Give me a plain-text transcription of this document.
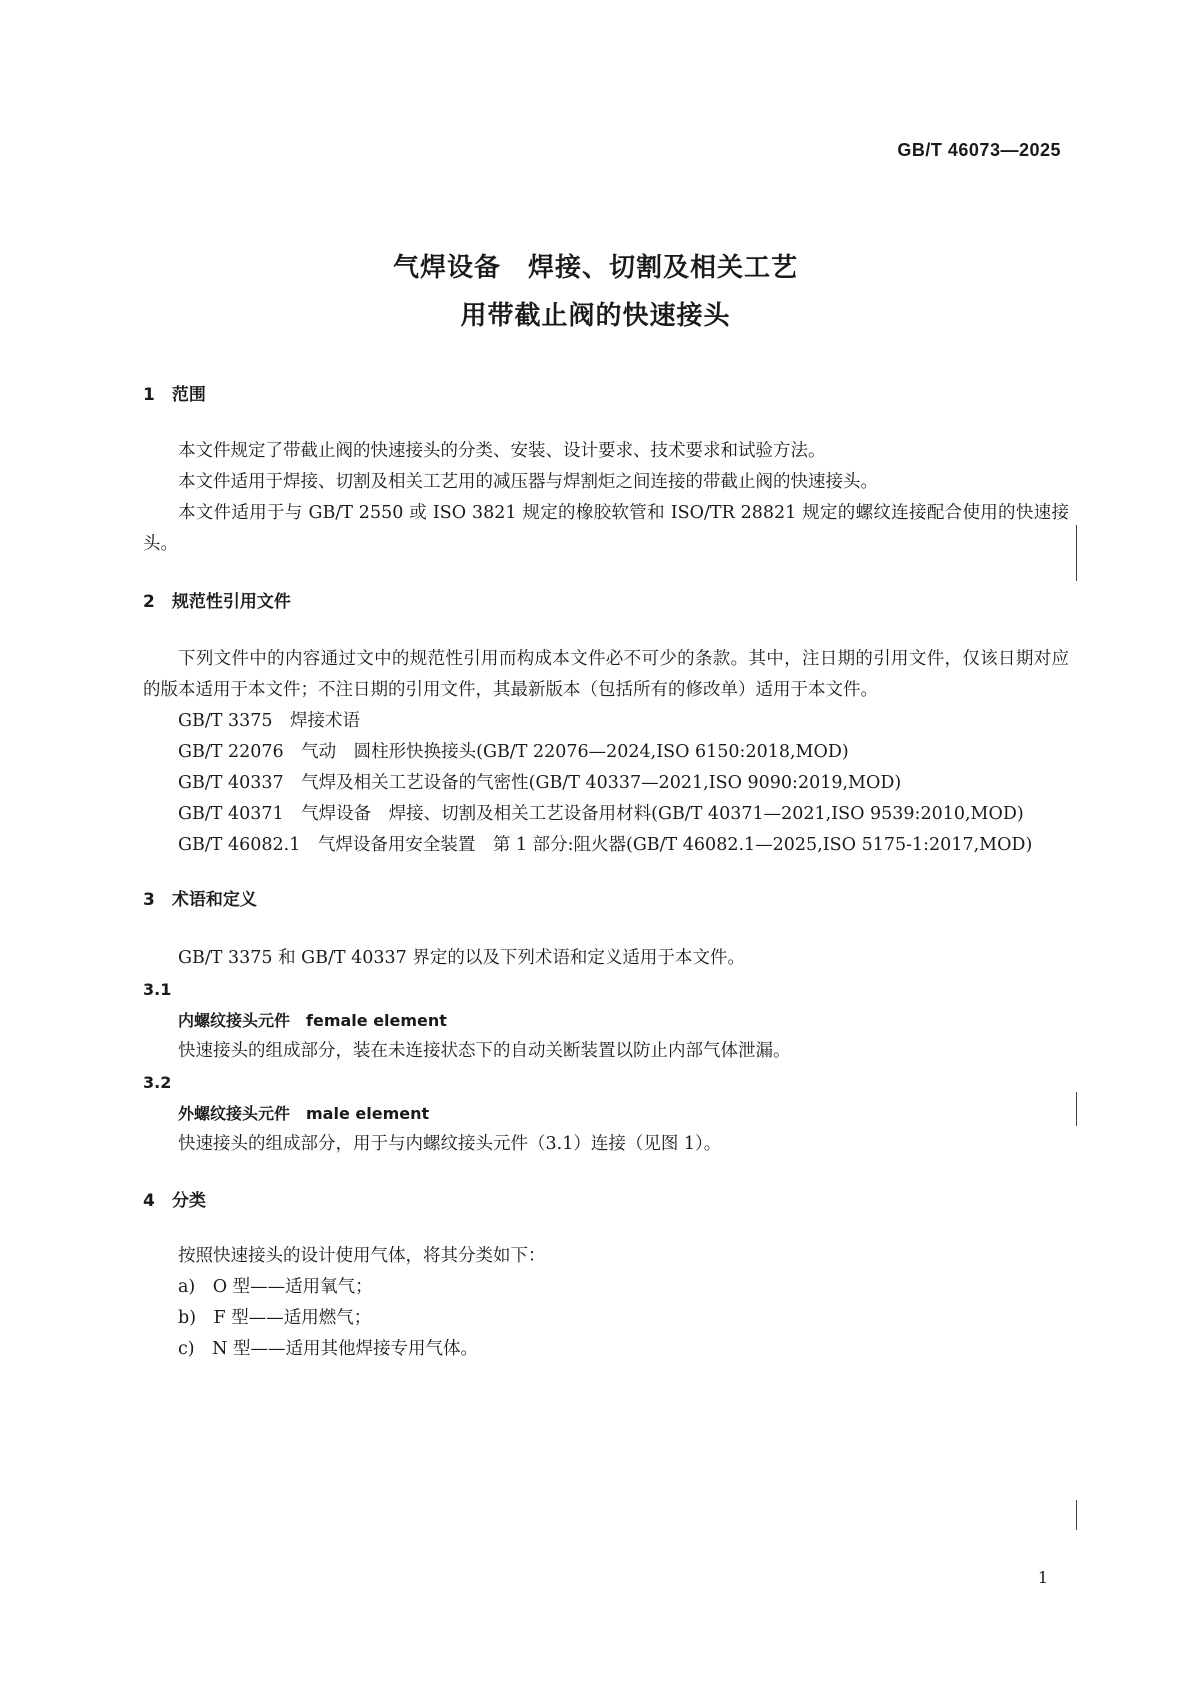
GB/T 46073—2025
气焊设备　焊接、切割及相关工艺
用带截止阀的快速接头
1　范围

本文件规定了带截止阀的快速接头的分类、安装、设计要求、技术要求和试验方法。

本文件适用于焊接、切割及相关工艺用的减压器与焊割炬之间连接的带截止阀的快速接头。

本文件适用于与 GB/T 2550 或 ISO 3821 规定的橡胶软管和 ISO/TR 28821 规定的螺纹连接配合使用的快速接头。

2　规范性引用文件

下列文件中的内容通过文中的规范性引用而构成本文件必不可少的条款。其中，注日期的引用文件，仅该日期对应的版本适用于本文件；不注日期的引用文件，其最新版本（包括所有的修改单）适用于本文件。

GB/T 3375　焊接术语

GB/T 22076　气动　圆柱形快换接头(GB/T 22076—2024,ISO 6150:2018,MOD)

GB/T 40337　气焊及相关工艺设备的气密性(GB/T 40337—2021,ISO 9090:2019,MOD)

GB/T 40371　气焊设备　焊接、切割及相关工艺设备用材料(GB/T 40371—2021,ISO 9539:2010,MOD)

GB/T 46082.1　气焊设备用安全装置　第 1 部分:阻火器(GB/T 46082.1—2025,ISO 5175-1:2017,MOD)

3　术语和定义

GB/T 3375 和 GB/T 40337 界定的以及下列术语和定义适用于本文件。

3.1
内螺纹接头元件　female element

快速接头的组成部分，装在未连接状态下的自动关断装置以防止内部气体泄漏。

3.2
外螺纹接头元件　male element

快速接头的组成部分，用于与内螺纹接头元件（3.1）连接（见图 1）。

4　分类

按照快速接头的设计使用气体，将其分类如下：

a)　O 型——适用氧气；

b)　F 型——适用燃气；

c)　N 型——适用其他焊接专用气体。

1
